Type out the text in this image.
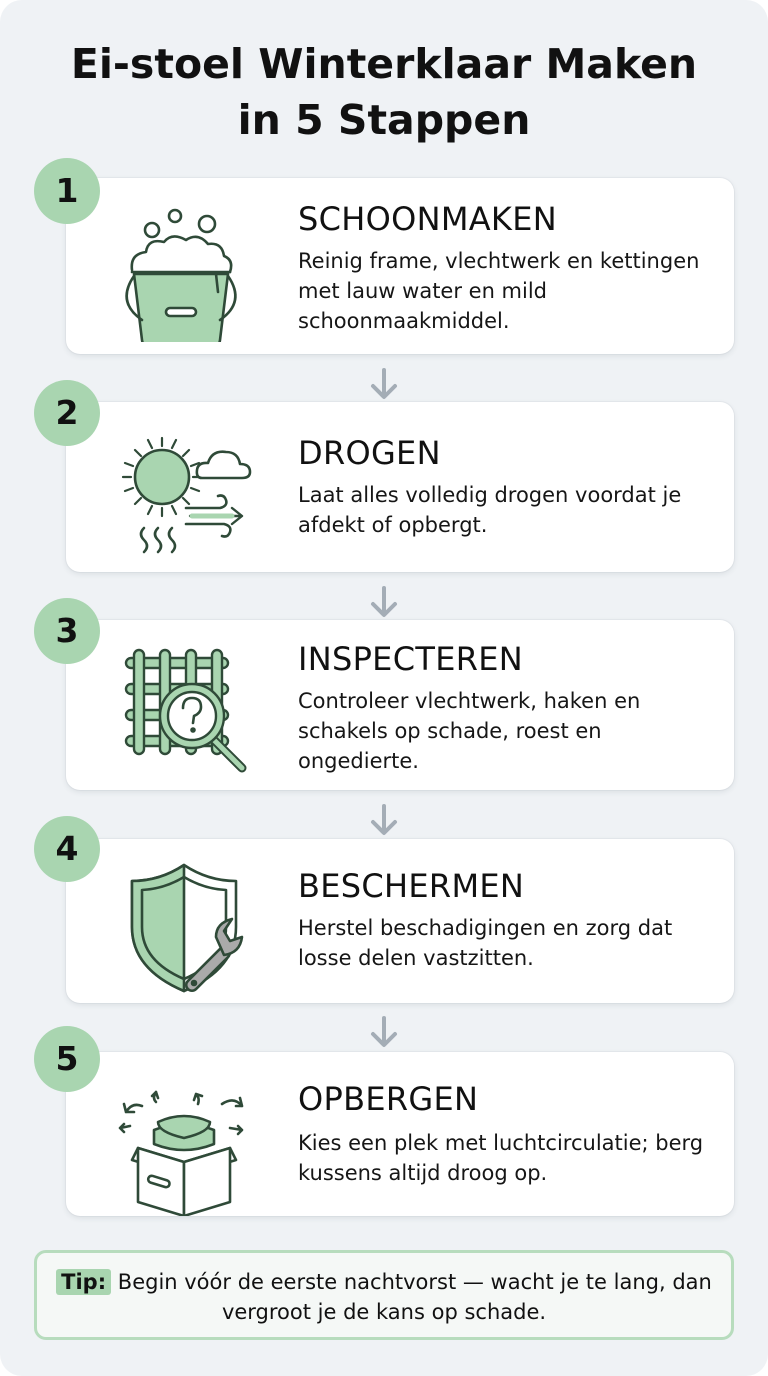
Ei-stoel Winterklaar Maken
in 5 Stappen
SCHOONMAKEN
Reinig frame, vlechtwerk en kettingen met lauw water en mild schoonmaakmiddel.
1
DROGEN
Laat alles volledig drogen voordat je afdekt of opbergt.
2
INSPECTEREN
Controleer vlechtwerk, haken en schakels op schade, roest en ongedierte.
3
BESCHERMEN
Herstel beschadigingen en zorg dat losse delen vastzitten.
4
OPBERGEN
Kies een plek met luchtcirculatie; berg kussens altijd droog op.
5
Tip: Begin vóór de eerste nachtvorst — wacht je te lang, dan vergroot je de kans op schade.
